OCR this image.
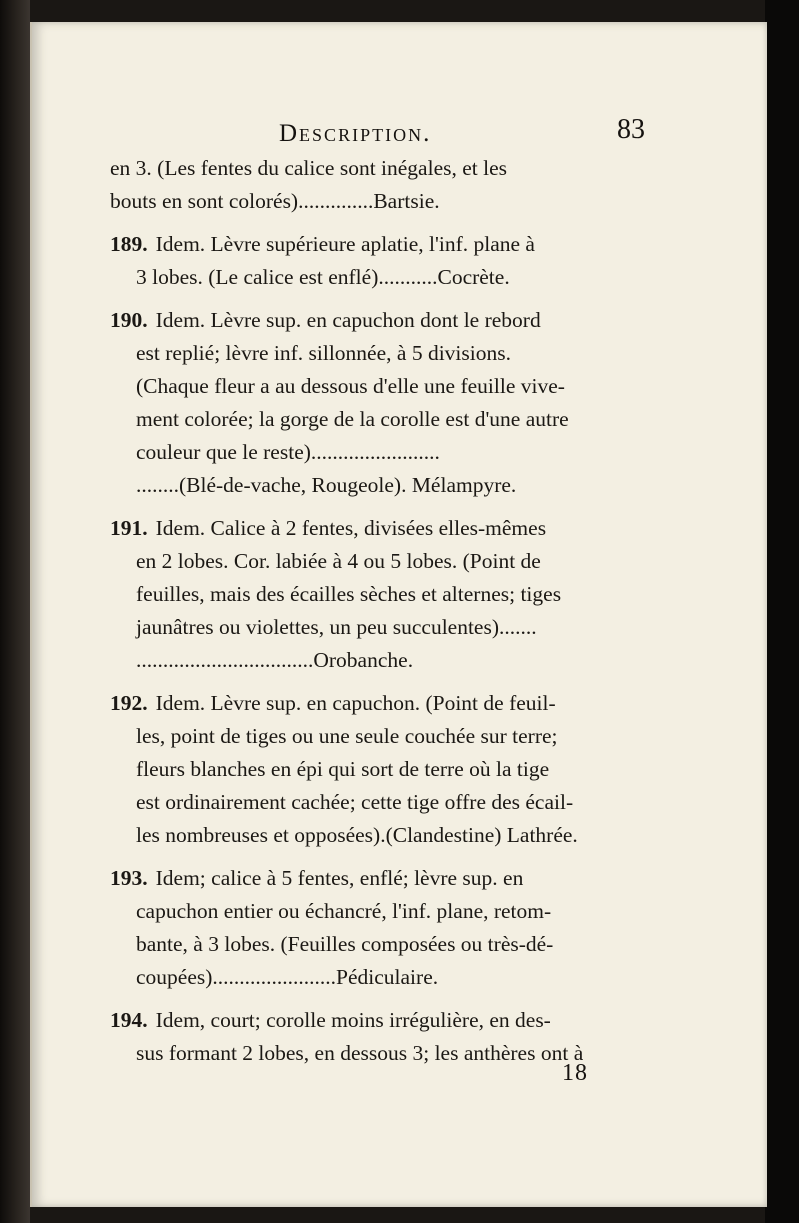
Description.	83
en 3. (Les fentes du calice sont inégales, et les
bouts en sont colorés)..............Bartsie.
189. Idem. Lèvre supérieure aplatie, l'inf. plane à
3 lobes. (Le calice est enflé)...........Cocrète.
190. Idem. Lèvre sup. en capuchon dont le rebord
est replié; lèvre inf. sillonnée, à 5 divisions.
(Chaque fleur a au dessous d'elle une feuille vive-
ment colorée; la gorge de la corolle est d'une autre
couleur que le reste)........................
........(Blé-de-vache, Rougeole). Mélampyre.
191. Idem. Calice à 2 fentes, divisées elles-mêmes
en 2 lobes. Cor. labiée à 4 ou 5 lobes. (Point de
feuilles, mais des écailles sèches et alternes; tiges
jaunâtres ou violettes, un peu succulentes).......
.................................Orobanche.
192. Idem. Lèvre sup. en capuchon. (Point de feuil-
les, point de tiges ou une seule couchée sur terre;
fleurs blanches en épi qui sort de terre où la tige
est ordinairement cachée; cette tige offre des écail-
les nombreuses et opposées).(Clandestine) Lathrée.
193. Idem; calice à 5 fentes, enflé; lèvre sup. en
capuchon entier ou échancré, l'inf. plane, retom-
bante, à 3 lobes. (Feuilles composées ou très-dé-
coupées).......................Pédiculaire.
194. Idem, court; corolle moins irrégulière, en des-
sus formant 2 lobes, en dessous 3; les anthères ont à
18
